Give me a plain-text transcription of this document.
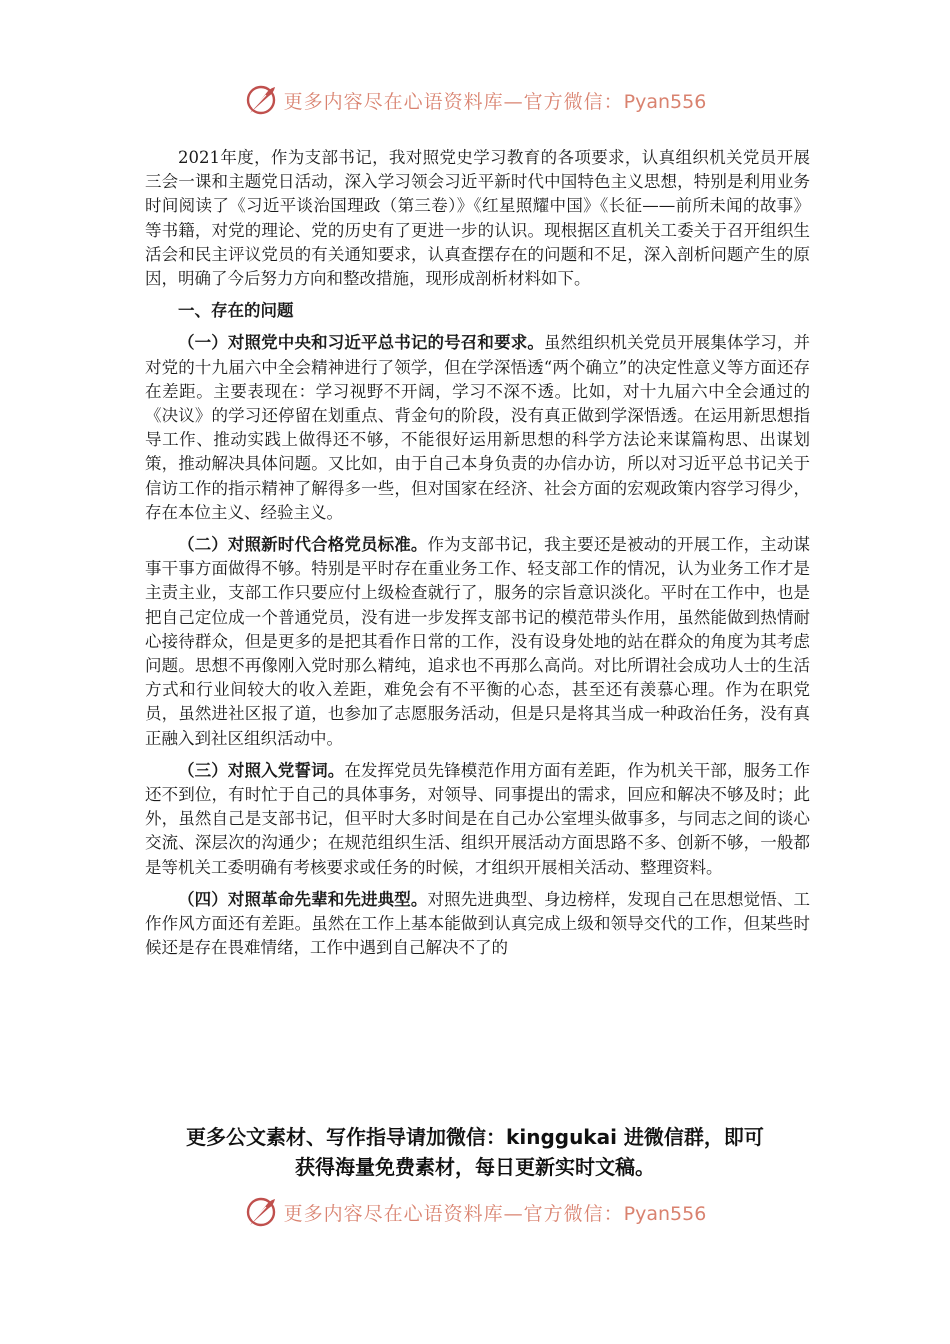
更多内容尽在心语资料库—官方微信：Pyan556

2021年度，作为支部书记，我对照党史学习教育的各项要求，认真组织机关党员开展三会一课和主题党日活动，深入学习领会习近平新时代中国特色主义思想，特别是利用业务时间阅读了《习近平谈治国理政（第三卷）》《红星照耀中国》《长征——前所未闻的故事》等书籍，对党的理论、党的历史有了更进一步的认识。现根据区直机关工委关于召开组织生活会和民主评议党员的有关通知要求，认真查摆存在的问题和不足，深入剖析问题产生的原因，明确了今后努力方向和整改措施，现形成剖析材料如下。

一、存在的问题

（一）对照党中央和习近平总书记的号召和要求。虽然组织机关党员开展集体学习，并对党的十九届六中全会精神进行了领学，但在学深悟透“两个确立”的决定性意义等方面还存在差距。主要表现在：学习视野不开阔，学习不深不透。比如，对十九届六中全会通过的《决议》的学习还停留在划重点、背金句的阶段，没有真正做到学深悟透。在运用新思想指导工作、推动实践上做得还不够，不能很好运用新思想的科学方法论来谋篇构思、出谋划策，推动解决具体问题。又比如，由于自己本身负责的办信办访，所以对习近平总书记关于信访工作的指示精神了解得多一些，但对国家在经济、社会方面的宏观政策内容学习得少，存在本位主义、经验主义。

（二）对照新时代合格党员标准。作为支部书记，我主要还是被动的开展工作，主动谋事干事方面做得不够。特别是平时存在重业务工作、轻支部工作的情况，认为业务工作才是主责主业，支部工作只要应付上级检查就行了，服务的宗旨意识淡化。平时在工作中，也是把自己定位成一个普通党员，没有进一步发挥支部书记的模范带头作用，虽然能做到热情耐心接待群众，但是更多的是把其看作日常的工作，没有设身处地的站在群众的角度为其考虑问题。思想不再像刚入党时那么精纯，追求也不再那么高尚。对比所谓社会成功人士的生活方式和行业间较大的收入差距，难免会有不平衡的心态，甚至还有羡慕心理。作为在职党员，虽然进社区报了道，也参加了志愿服务活动，但是只是将其当成一种政治任务，没有真正融入到社区组织活动中。

（三）对照入党誓词。在发挥党员先锋模范作用方面有差距，作为机关干部，服务工作还不到位，有时忙于自己的具体事务，对领导、同事提出的需求，回应和解决不够及时；此外，虽然自己是支部书记，但平时大多时间是在自己办公室埋头做事多，与同志之间的谈心交流、深层次的沟通少；在规范组织生活、组织开展活动方面思路不多、创新不够，一般都是等机关工委明确有考核要求或任务的时候，才组织开展相关活动、整理资料。

（四）对照革命先辈和先进典型。对照先进典型、身边榜样，发现自己在思想觉悟、工作作风方面还有差距。虽然在工作上基本能做到认真完成上级和领导交代的工作，但某些时候还是存在畏难情绪，工作中遇到自己解决不了的

更多公文素材、写作指导请加微信：kinggukai 进微信群，即可
获得海量免费素材，每日更新实时文稿。
更多内容尽在心语资料库—官方微信：Pyan556
